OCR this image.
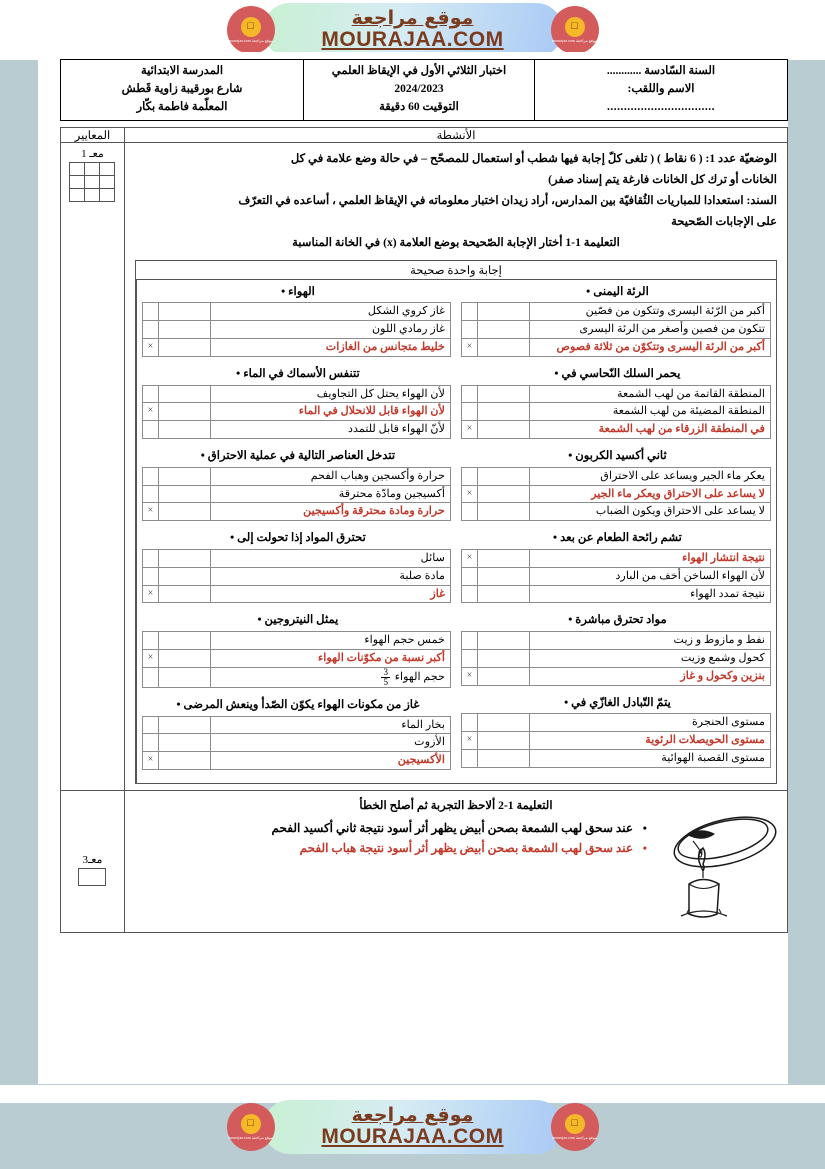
☐
موقع مراجعة mourajaa.com
موقع مراجعة
MOURAJAA.COM
☐
موقع مراجعة mourajaa.com
السنة السّادسة ............
الاسم واللقب:
................................
اختبار الثلاثي الأول في الإيقاظ العلمي
2024/2023
التوقيت 60 دقيقة
المدرسة الابتدائية
شارع بورقيبة زاوية قَطش
المعلّمة فاطمة بكّار
الأنشطة	المعايير

الوضعيّة عدد 1: ( 6 نقاط ) ( تلغى كلّ إجابة فيها شطب أو استعمال للمصحّح – في حالة وضع علامة في كل

الخانات أو ترك كل الخانات فارغة يتم إسناد صفر)

السند: استعدادا للمباريات الثُقافيّة بين المدارس، أراد زيدان اختبار معلوماته في الإيقاظ العلمي ، أساعده في التعرّف

على الإجابات الصّحيحة

التعليمة 1-1 أختار الإجابة الصّحيحة بوضع العلامة (x) في الخانة المناسبة

إجابة واحدة صحيحة
الرئة اليمنى•
أكبر من الرّئة اليسرى وتتكون من فصّين		
تتكون من فصين وأصغر من الرئة اليسرى		
أكبر من الرئة اليسرى وتتكوّن من ثلاثة فصوص		×
يحمر السلك النّحاسي في•
المنطقة القاتمة من لهب الشمعة		
المنطقة المضيئة من لهب الشمعة		
في المنطقة الزرقاء من لهب الشمعة		×
ثاني أكسيد الكربون•
يعكر ماء الجير ويساعد على الاحتراق		
لا يساعد على الاحتراق ويعكر ماء الجير		×
لا يساعد على الاحتراق ويكون الضباب		
تشم رائحة الطعام عن بعد•
نتيجة انتشار الهواء		×
لأن الهواء الساخن أخف من البارد		
نتيجة تمدد الهواء		
مواد تحترق مباشرة•
نفط و مازوط و زيت		
كحول وشمع وزيت		
بنزين وكحول و غاز		×
يتمّ التّبادل الغازّي في•
مستوى الحنجرة		
مستوى الحويصلات الرئوية		×
مستوى القصبة الهوائية		
الهواء•
غاز كروي الشكل		
غاز رمادي اللون		
خليط متجانس من الغازات		×
تتنفس الأسماك في الماء•
لأن الهواء يحتل كل التجاويف		
لأن الهواء قابل للانحلال في الماء		×
لأنّ الهواء قابل للتمدد		
تتدخل العناصر التالية في عملية الاحتراق•
حرارة وأكسجين وهباب الفحم		
أكسيجين ومادّة محترقة		
حرارة ومادة محترقة وأكسيجين		×
تحترق المواد إذا تحولت إلى•
سائل		
مادة صلبة		
غاز		×
يمثل النيتروجين•
خمس حجم الهواء		
أكبر نسبة من مكوّنات الهواء		×
حجم الهواء
$\frac{3}{5}$

غاز من مكونات الهواء يكوّن الصّدأ وينعش المرضى•
بخار الماء		
الأزوت		
الأكسيجين		×

معـ 1

التعليمة 1-2 ألاحظ التجربة ثم أصلح الخطأ
•عند سحق لهب الشمعة بصحن أبيض يظهر أثر أسود نتيجة ثاني أكسيد الفحم
•عند سحق لهب الشمعة بصحن أبيض يظهر أثر أسود نتيجة هباب الفحم

معـ3
☐
موقع مراجعة mourajaa.com
موقع مراجعة
MOURAJAA.COM
☐
موقع مراجعة mourajaa.com
